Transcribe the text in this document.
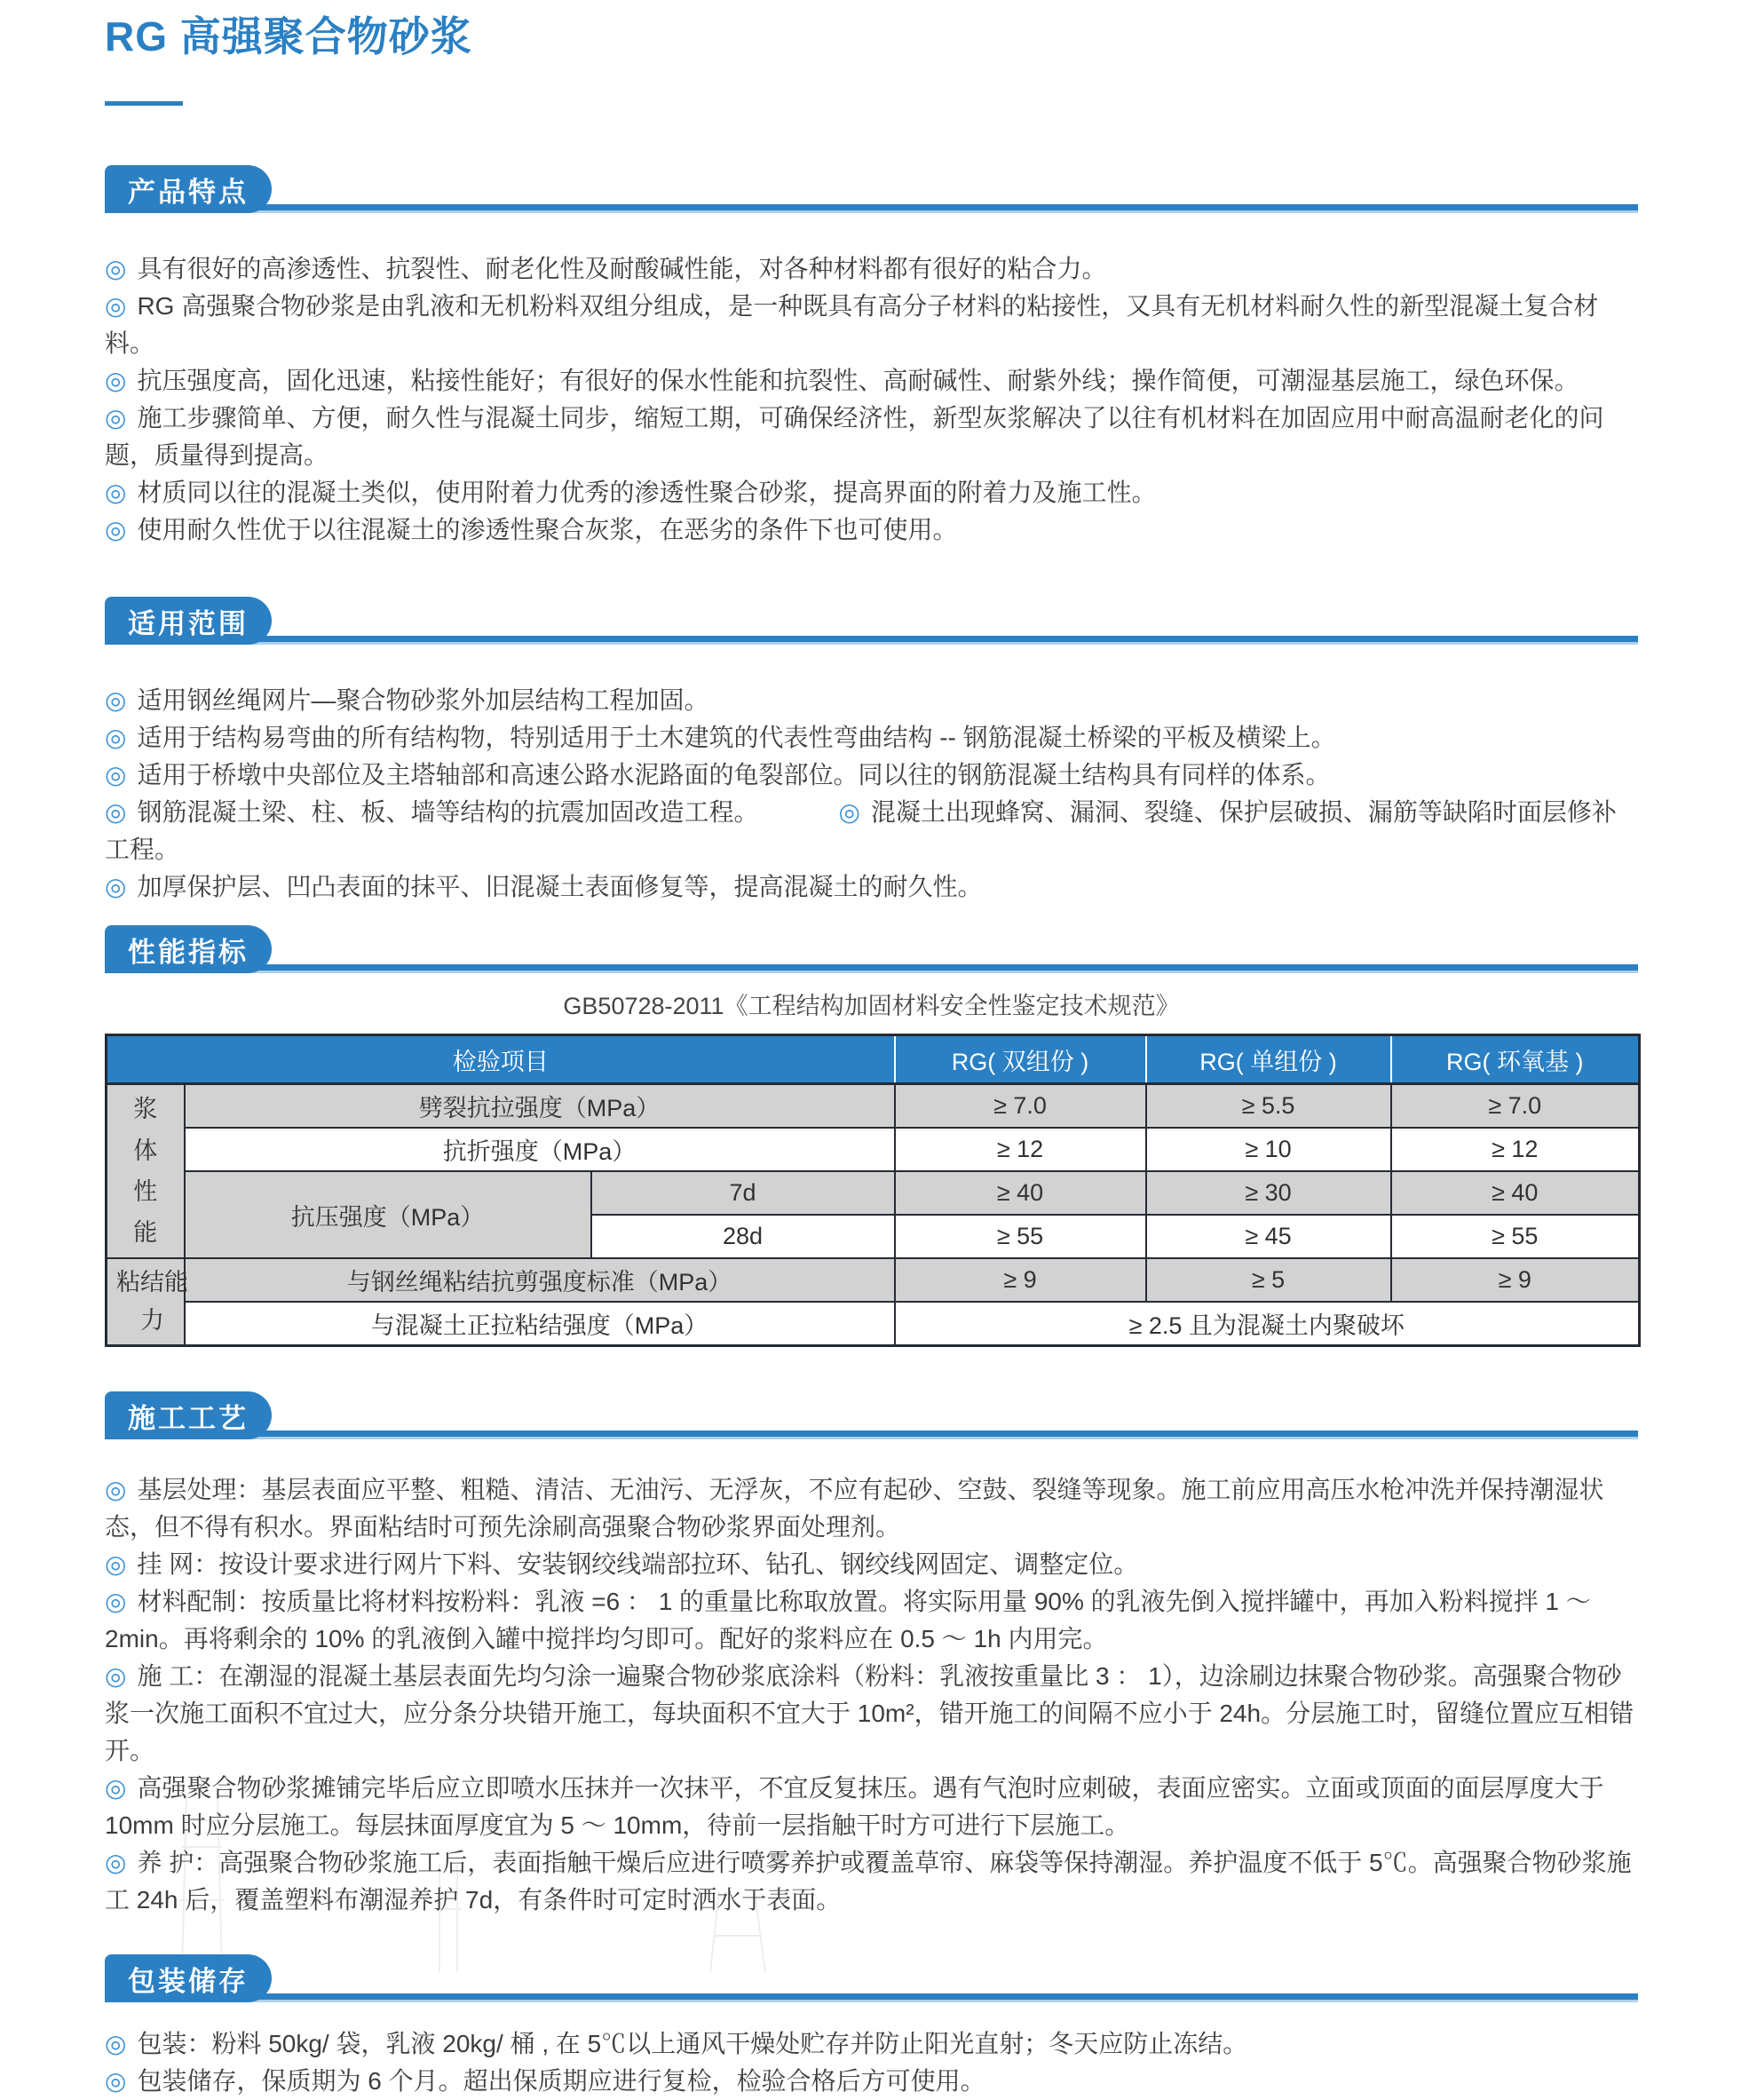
RG 高强聚合物砂浆
产品特点
◎ 具有很好的高渗透性、抗裂性、耐老化性及耐酸碱性能，对各种材料都有很好的粘合力。
◎ RG 高强聚合物砂浆是由乳液和无机粉料双组分组成，是一种既具有高分子材料的粘接性，又具有无机材料耐久性的新型混凝土复合材料。
◎ 抗压强度高，固化迅速，粘接性能好；有很好的保水性能和抗裂性、高耐碱性、耐紫外线；操作简便，可潮湿基层施工，绿色环保。
◎ 施工步骤简单、方便，耐久性与混凝土同步，缩短工期，可确保经济性，新型灰浆解决了以往有机材料在加固应用中耐高温耐老化的问题，质量得到提高。
◎ 材质同以往的混凝土类似，使用附着力优秀的渗透性聚合砂浆，提高界面的附着力及施工性。
◎ 使用耐久性优于以往混凝土的渗透性聚合灰浆，在恶劣的条件下也可使用。
适用范围
◎ 适用钢丝绳网片—聚合物砂浆外加层结构工程加固。
◎ 适用于结构易弯曲的所有结构物，特别适用于土木建筑的代表性弯曲结构 -- 钢筋混凝土桥梁的平板及横梁上。
◎ 适用于桥墩中央部位及主塔轴部和高速公路水泥路面的龟裂部位。同以往的钢筋混凝土结构具有同样的体系。
◎ 钢筋混凝土梁、柱、板、墙等结构的抗震加固改造工程。	◎ 混凝土出现蜂窝、漏洞、裂缝、保护层破损、漏筋等缺陷时面层修补工程。
◎ 加厚保护层、凹凸表面的抹平、旧混凝土表面修复等，提高混凝土的耐久性。
性能指标
GB50728-2011《工程结构加固材料安全性鉴定技术规范》
检验项目			RG( 双组份 )	RG( 单组份 )	RG( 环氧基 )
浆体性能	劈裂抗拉强度（MPa）		≥ 7.0	≥ 5.5	≥ 7.0
	抗折强度（MPa）		≥ 12	≥ 10	≥ 12
	抗压强度（MPa）	7d	≥ 40	≥ 30	≥ 40
		28d	≥ 55	≥ 45	≥ 55
粘结能力	与钢丝绳粘结抗剪强度标准（MPa）		≥ 9	≥ 5	≥ 9
	与混凝土正拉粘结强度（MPa）		≥ 2.5 且为混凝土内聚破坏		
施工工艺
◎ 基层处理：基层表面应平整、粗糙、清洁、无油污、无浮灰，不应有起砂、空鼓、裂缝等现象。施工前应用高压水枪冲洗并保持潮湿状态，但不得有积水。界面粘结时可预先涂刷高强聚合物砂浆界面处理剂。
◎ 挂 网：按设计要求进行网片下料、安装钢绞线端部拉环、钻孔、钢绞线网固定、调整定位。
◎ 材料配制：按质量比将材料按粉料：乳液 =6 ： 1 的重量比称取放置。将实际用量 90% 的乳液先倒入搅拌罐中，再加入粉料搅拌 1 ～ 2min。再将剩余的 10% 的乳液倒入罐中搅拌均匀即可。配好的浆料应在 0.5 ～ 1h 内用完。
◎ 施 工：在潮湿的混凝土基层表面先均匀涂一遍聚合物砂浆底涂料（粉料：乳液按重量比 3 ： 1），边涂刷边抹聚合物砂浆。高强聚合物砂浆一次施工面积不宜过大，应分条分块错开施工，每块面积不宜大于 10m²，错开施工的间隔不应小于 24h。分层施工时，留缝位置应互相错开。
◎ 高强聚合物砂浆摊铺完毕后应立即喷水压抹并一次抹平，不宜反复抹压。遇有气泡时应刺破，表面应密实。立面或顶面的面层厚度大于 10mm 时应分层施工。每层抹面厚度宜为 5 ～ 10mm，待前一层指触干时方可进行下层施工。
◎ 养 护：高强聚合物砂浆施工后，表面指触干燥后应进行喷雾养护或覆盖草帘、麻袋等保持潮湿。养护温度不低于 5℃。高强聚合物砂浆施工 24h 后，覆盖塑料布潮湿养护 7d，有条件时可定时洒水于表面。
包装储存
◎ 包装：粉料 50kg/ 袋，乳液 20kg/ 桶 , 在 5℃以上通风干燥处贮存并防止阳光直射；冬天应防止冻结。
◎ 包装储存，保质期为 6 个月。超出保质期应进行复检，检验合格后方可使用。
